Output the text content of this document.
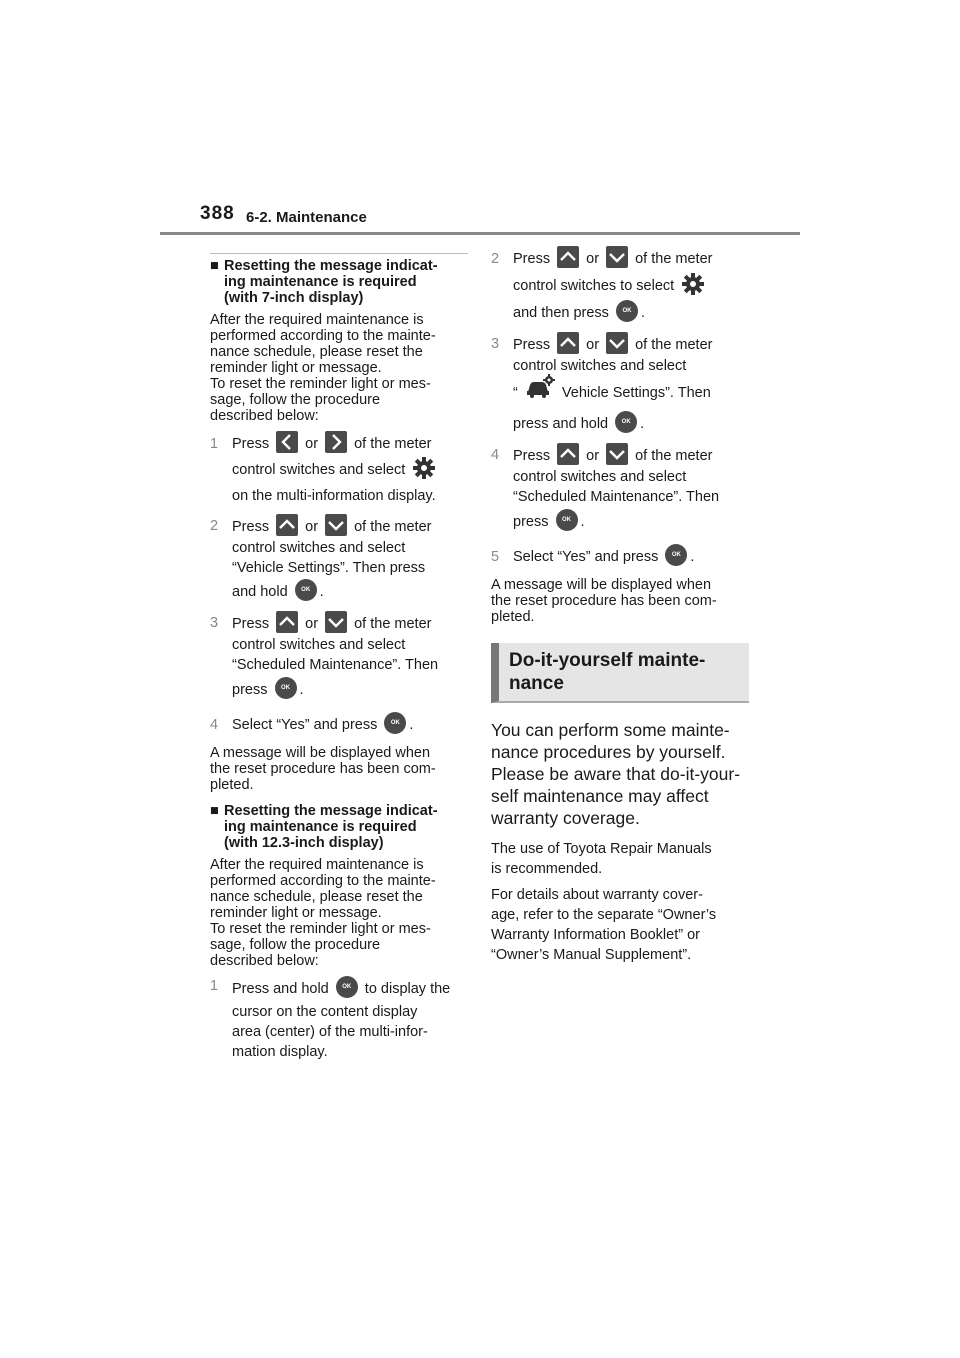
388 6-2. Maintenance
■ Resetting the message indicat-
ing maintenance is required
(with 7-inch display)
After the required maintenance is
performed according to the mainte-
nance schedule, please reset the
reminder light or message.
To reset the reminder light or mes-
sage, follow the procedure
described below:
1 Press or of the meter
control switches and select
on the multi-information display.
2 Press or of the meter
control switches and select
“Vehicle Settings”. Then press
and hold OK .
3 Press or of the meter
control switches and select
“Scheduled Maintenance”. Then
press OK .
4 Select “Yes” and press OK .
A message will be displayed when
the reset procedure has been com-
pleted.
■ Resetting the message indicat-
ing maintenance is required
(with 12.3-inch display)
After the required maintenance is
performed according to the mainte-
nance schedule, please reset the
reminder light or message.
To reset the reminder light or mes-
sage, follow the procedure
described below:
1 Press and hold OK to display the
cursor on the content display
area (center) of the multi-infor-
mation display.
2 Press or of the meter
control switches to select
and then press OK .
3 Press or of the meter
control switches and select
“	Vehicle Settings”. Then
press and hold OK .
4 Press or of the meter
control switches and select
“Scheduled Maintenance”. Then
press OK .
5 Select “Yes” and press OK .
A message will be displayed when
the reset procedure has been com-
pleted.
Do-it-yourself mainte-
nance
You can perform some mainte-
nance procedures by yourself.
Please be aware that do-it-your-
self maintenance may affect
warranty coverage.
The use of Toyota Repair Manuals
is recommended.
For details about warranty cover-
age, refer to the separate “Owner’s
Warranty Information Booklet” or
“Owner’s Manual Supplement”.
